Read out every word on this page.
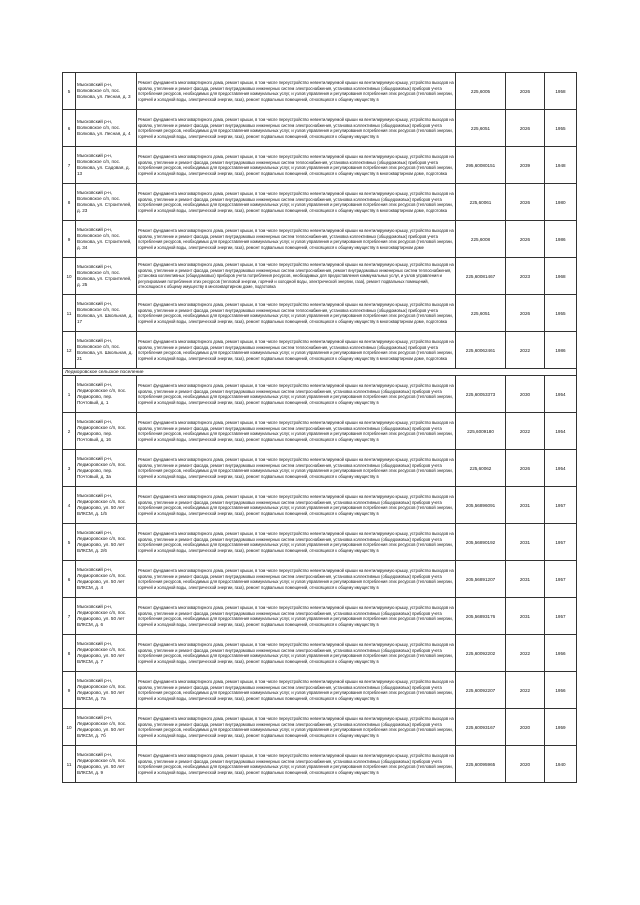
5	Мысковский р-н, Волковское с/п, пос. Волкова, ул. Лесная, д. 3	Ремонт фундамента многоквартирного дома, ремонт крыши, в том числе переустройство невентилируемой крыши на вентилируемую крышу, устройство выходов на кровлю, утепление и ремонт фасада, ремонт внутридомовых инженерных систем электроснабжения, установка коллективных (общедомовых) приборов учета потребления ресурсов, необходимых для предоставления коммунальных услуг, и узлов управления и регулирования потребления этих ресурсов (тепловой энергии, горячей и холодной воды, электрической энергии, газа), ремонт подвальных помещений, относящихся к общему имуществу в	225,6005	2026	1958
6	Мысковский р-н, Волковское с/п, пос. Волкова, ул. Лесная, д. 4	Ремонт фундамента многоквартирного дома, ремонт крыши, в том числе переустройство невентилируемой крыши на вентилируемую крышу, устройство выходов на кровлю, утепление и ремонт фасада, ремонт внутридомовых инженерных систем электроснабжения, установка коллективных (общедомовых) приборов учета потребления ресурсов, необходимых для предоставления коммунальных услуг, и узлов управления и регулирования потребления этих ресурсов (тепловой энергии, горячей и холодной воды, электрической энергии, газа), ремонт подвальных помещений, относящихся к общему имуществу в	225,6051	2026	1955
7	Мысковский р-н, Волковское с/п, пос. Волкова, ул. Садовая, д. 13	Ремонт фундамента многоквартирного дома, ремонт крыши, в том числе переустройство невентилируемой крыши на вентилируемую крышу, устройство выходов на кровлю, утепление и ремонт фасада, ремонт внутридомовых инженерных систем теплоснабжения, установка коллективных (общедомовых) приборов учета потребления ресурсов, необходимых для предоставления коммунальных услуг, и узлов управления и регулирования потребления этих ресурсов (тепловой энергии, горячей и холодной воды, электрической энергии, газа), ремонт подвальных помещений, относящихся к общему имуществу в многоквартирном доме, подготовка	295,60080151	2039	1948
8	Мысковский р-н, Волковское с/п, пос. Волкова, ул. Строителей, д. 23	Ремонт фундамента многоквартирного дома, ремонт крыши, в том числе переустройство невентилируемой крыши на вентилируемую крышу, устройство выходов на кровлю, утепление и ремонт фасада, ремонт внутридомовых инженерных систем электроснабжения, установка коллективных (общедомовых) приборов учета потребления ресурсов, необходимых для предоставления коммунальных услуг, и узлов управления и регулирования потребления этих ресурсов (тепловой энергии, горячей и холодной воды, электрической энергии, газа), ремонт подвальных помещений, относящихся к общему имуществу в многоквартирном доме, подготовка	225,60061	2026	1980
9	Мысковский р-н, Волковское с/п, пос. Волкова, ул. Строителей, д. 34	Ремонт фундамента многоквартирного дома, ремонт крыши, в том числе переустройство невентилируемой крыши на вентилируемую крышу, устройство выходов на кровлю, утепление и ремонт фасада, ремонт внутридомовых инженерных систем теплоснабжения, установка коллективных (общедомовых) приборов учета потребления ресурсов, необходимых для предоставления коммунальных услуг, и узлов управления и регулирования потребления этих ресурсов (тепловой энергии, горячей и холодной воды, электрической энергии, газа), ремонт подвальных помещений, относящихся к общему имуществу в многоквартирном доме	225,6008	2026	1986
10	Мысковский р-н, Волковское с/п, пос. Волкова, ул. Строителей, д. 25	Ремонт фундамента многоквартирного дома, ремонт крыши, в том числе переустройство невентилируемой крыши на вентилируемую крышу, устройство выходов на кровлю, утепление и ремонт фасада, ремонт внутридомовых инженерных систем электроснабжения, ремонт внутридомовых инженерных систем теплоснабжения, установка коллективных (общедомовых) приборов учета потребления ресурсов, необходимых для предоставления коммунальных услуг, и узлов управления и регулирования потребления этих ресурсов (тепловой энергии, горячей и холодной воды, электрической энергии, газа), ремонт подвальных помещений, относящихся к общему имуществу в многоквартирном доме, подготовка	225,60081467	2023	1968
11	Мысковский р-н, Волковское с/п, пос. Волкова, ул. Школьная, д. 17	Ремонт фундамента многоквартирного дома, ремонт крыши, в том числе переустройство невентилируемой крыши на вентилируемую крышу, устройство выходов на кровлю, утепление и ремонт фасада, ремонт внутридомовых инженерных систем теплоснабжения, установка коллективных (общедомовых) приборов учета потребления ресурсов, необходимых для предоставления коммунальных услуг, и узлов управления и регулирования потребления этих ресурсов (тепловой энергии, горячей и холодной воды, электрической энергии, газа), ремонт подвальных помещений, относящихся к общему имуществу в многоквартирном доме, подготовка	225,6051	2026	1955
12	Мысковский р-н, Волковское с/п, пос. Волкова, ул. Школьная, д. 21	Ремонт фундамента многоквартирного дома, ремонт крыши, в том числе переустройство невентилируемой крыши на вентилируемую крышу, устройство выходов на кровлю, утепление и ремонт фасада, ремонт внутридомовых инженерных систем теплоснабжения, установка коллективных (общедомовых) приборов учета потребления ресурсов, необходимых для предоставления коммунальных услуг, и узлов управления и регулирования потребления этих ресурсов (тепловой энергии, горячей и холодной воды, электрической энергии, газа), ремонт подвальных помещений, относящихся к общему имуществу в многоквартирном доме, подготовка	225,60062461	2022	1986
Ледморовское сельское поселение					
1	Мысковский р-н, Ледморовское с/п, пос. Ледморово, пер. Почтовый, д. 1	Ремонт фундамента многоквартирного дома, ремонт крыши, в том числе переустройство невентилируемой крыши на вентилируемую крышу, устройство выходов на кровлю, утепление и ремонт фасада, ремонт внутридомовых инженерных систем электроснабжения, установка коллективных (общедомовых) приборов учета потребления ресурсов, необходимых для предоставления коммунальных услуг, и узлов управления и регулирования потребления этих ресурсов (тепловой энергии, горячей и холодной воды, электрической энергии, газа), ремонт подвальных помещений, относящихся к общему имуществу в	225,60053373	2030	1954
2	Мысковский р-н, Ледморовское с/п, пос. Ледморово, пер. Почтовый, д. 16	Ремонт фундамента многоквартирного дома, ремонт крыши, в том числе переустройство невентилируемой крыши на вентилируемую крышу, устройство выходов на кровлю, утепление и ремонт фасада, ремонт внутридомовых инженерных систем электроснабжения, установка коллективных (общедомовых) приборов учета потребления ресурсов, необходимых для предоставления коммунальных услуг, и узлов управления и регулирования потребления этих ресурсов (тепловой энергии, горячей и холодной воды, электрической энергии, газа), ремонт подвальных помещений, относящихся к общему имуществу в	225,6009180	2022	1954
3	Мысковский р-н, Ледморовское с/п, пос. Ледморово, пер. Почтовый, д. 3а	Ремонт фундамента многоквартирного дома, ремонт крыши, в том числе переустройство невентилируемой крыши на вентилируемую крышу, устройство выходов на кровлю, утепление и ремонт фасада, ремонт внутридомовых инженерных систем электроснабжения, установка коллективных (общедомовых) приборов учета потребления ресурсов, необходимых для предоставления коммунальных услуг, и узлов управления и регулирования потребления этих ресурсов (тепловой энергии, горячей и холодной воды, электрической энергии, газа), ремонт подвальных помещений, относящихся к общему имуществу в	225,60062	2026	1954
4	Мысковский р-н, Ледморовское с/п, пос. Ледморово, ул. 50 лет ВЛКСМ, д. 1/5	Ремонт фундамента многоквартирного дома, ремонт крыши, в том числе переустройство невентилируемой крыши на вентилируемую крышу, устройство выходов на кровлю, утепление и ремонт фасада, ремонт внутридомовых инженерных систем электроснабжения, установка коллективных (общедомовых) приборов учета потребления ресурсов, необходимых для предоставления коммунальных услуг, и узлов управления и регулирования потребления этих ресурсов (тепловой энергии, горячей и холодной воды, электрической энергии, газа), ремонт подвальных помещений, относящихся к общему имуществу в	205,56896091	2031	1957
5	Мысковский р-н, Ледморовское с/п, пос. Ледморово, ул. 50 лет ВЛКСМ, д. 2/6	Ремонт фундамента многоквартирного дома, ремонт крыши, в том числе переустройство невентилируемой крыши на вентилируемую крышу, устройство выходов на кровлю, утепление и ремонт фасада, ремонт внутридомовых инженерных систем электроснабжения, установка коллективных (общедомовых) приборов учета потребления ресурсов, необходимых для предоставления коммунальных услуг, и узлов управления и регулирования потребления этих ресурсов (тепловой энергии, горячей и холодной воды, электрической энергии, газа), ремонт подвальных помещений, относящихся к общему имуществу в	205,56890192	2031	1957
6	Мысковский р-н, Ледморовское с/п, пос. Ледморово, ул. 50 лет ВЛКСМ, д. 4	Ремонт фундамента многоквартирного дома, ремонт крыши, в том числе переустройство невентилируемой крыши на вентилируемую крышу, устройство выходов на кровлю, утепление и ремонт фасада, ремонт внутридомовых инженерных систем электроснабжения, установка коллективных (общедомовых) приборов учета потребления ресурсов, необходимых для предоставления коммунальных услуг, и узлов управления и регулирования потребления этих ресурсов (тепловой энергии, горячей и холодной воды, электрической энергии, газа), ремонт подвальных помещений, относящихся к общему имуществу в	205,56891207	2031	1957
7	Мысковский р-н, Ледморовское с/п, пос. Ледморово, ул. 50 лет ВЛКСМ, д. 6	Ремонт фундамента многоквартирного дома, ремонт крыши, в том числе переустройство невентилируемой крыши на вентилируемую крышу, устройство выходов на кровлю, утепление и ремонт фасада, ремонт внутридомовых инженерных систем электроснабжения, установка коллективных (общедомовых) приборов учета потребления ресурсов, необходимых для предоставления коммунальных услуг, и узлов управления и регулирования потребления этих ресурсов (тепловой энергии, горячей и холодной воды, электрической энергии, газа), ремонт подвальных помещений, относящихся к общему имуществу в	205,56893176	2031	1957
8	Мысковский р-н, Ледморовское с/п, пос. Ледморово, ул. 50 лет ВЛКСМ, д. 7	Ремонт фундамента многоквартирного дома, ремонт крыши, в том числе переустройство невентилируемой крыши на вентилируемую крышу, устройство выходов на кровлю, утепление и ремонт фасада, ремонт внутридомовых инженерных систем электроснабжения, установка коллективных (общедомовых) приборов учета потребления ресурсов, необходимых для предоставления коммунальных услуг, и узлов управления и регулирования потребления этих ресурсов (тепловой энергии, горячей и холодной воды, электрической энергии, газа), ремонт подвальных помещений, относящихся к общему имуществу в	225,60092202	2022	1956
9	Мысковский р-н, Ледморовское с/п, пос. Ледморово, ул. 50 лет ВЛКСМ, д. 7а	Ремонт фундамента многоквартирного дома, ремонт крыши, в том числе переустройство невентилируемой крыши на вентилируемую крышу, устройство выходов на кровлю, утепление и ремонт фасада, ремонт внутридомовых инженерных систем электроснабжения, установка коллективных (общедомовых) приборов учета потребления ресурсов, необходимых для предоставления коммунальных услуг, и узлов управления и регулирования потребления этих ресурсов (тепловой энергии, горячей и холодной воды, электрической энергии, газа), ремонт подвальных помещений, относящихся к общему имуществу в	225,60092207	2022	1956
10	Мысковский р-н, Ледморовское с/п, пос. Ледморово, ул. 50 лет ВЛКСМ, д. 7б	Ремонт фундамента многоквартирного дома, ремонт крыши, в том числе переустройство невентилируемой крыши на вентилируемую крышу, устройство выходов на кровлю, утепление и ремонт фасада, ремонт внутридомовых инженерных систем электроснабжения, установка коллективных (общедомовых) приборов учета потребления ресурсов, необходимых для предоставления коммунальных услуг, и узлов управления и регулирования потребления этих ресурсов (тепловой энергии, горячей и холодной воды, электрической энергии, газа), ремонт подвальных помещений, относящихся к общему имуществу в	225,60093167	2020	1959
11	Мысковский р-н, Ледморовское с/п, пос. Ледморово, ул. 50 лет ВЛКСМ, д. 9	Ремонт фундамента многоквартирного дома, ремонт крыши, в том числе переустройство невентилируемой крыши на вентилируемую крышу, устройство выходов на кровлю, утепление и ремонт фасада, ремонт внутридомовых инженерных систем электроснабжения, установка коллективных (общедомовых) приборов учета потребления ресурсов, необходимых для предоставления коммунальных услуг, и узлов управления и регулирования потребления этих ресурсов (тепловой энергии, горячей и холодной воды, электрической энергии, газа), ремонт подвальных помещений, относящихся к общему имуществу в	225,60095965	2020	1940
